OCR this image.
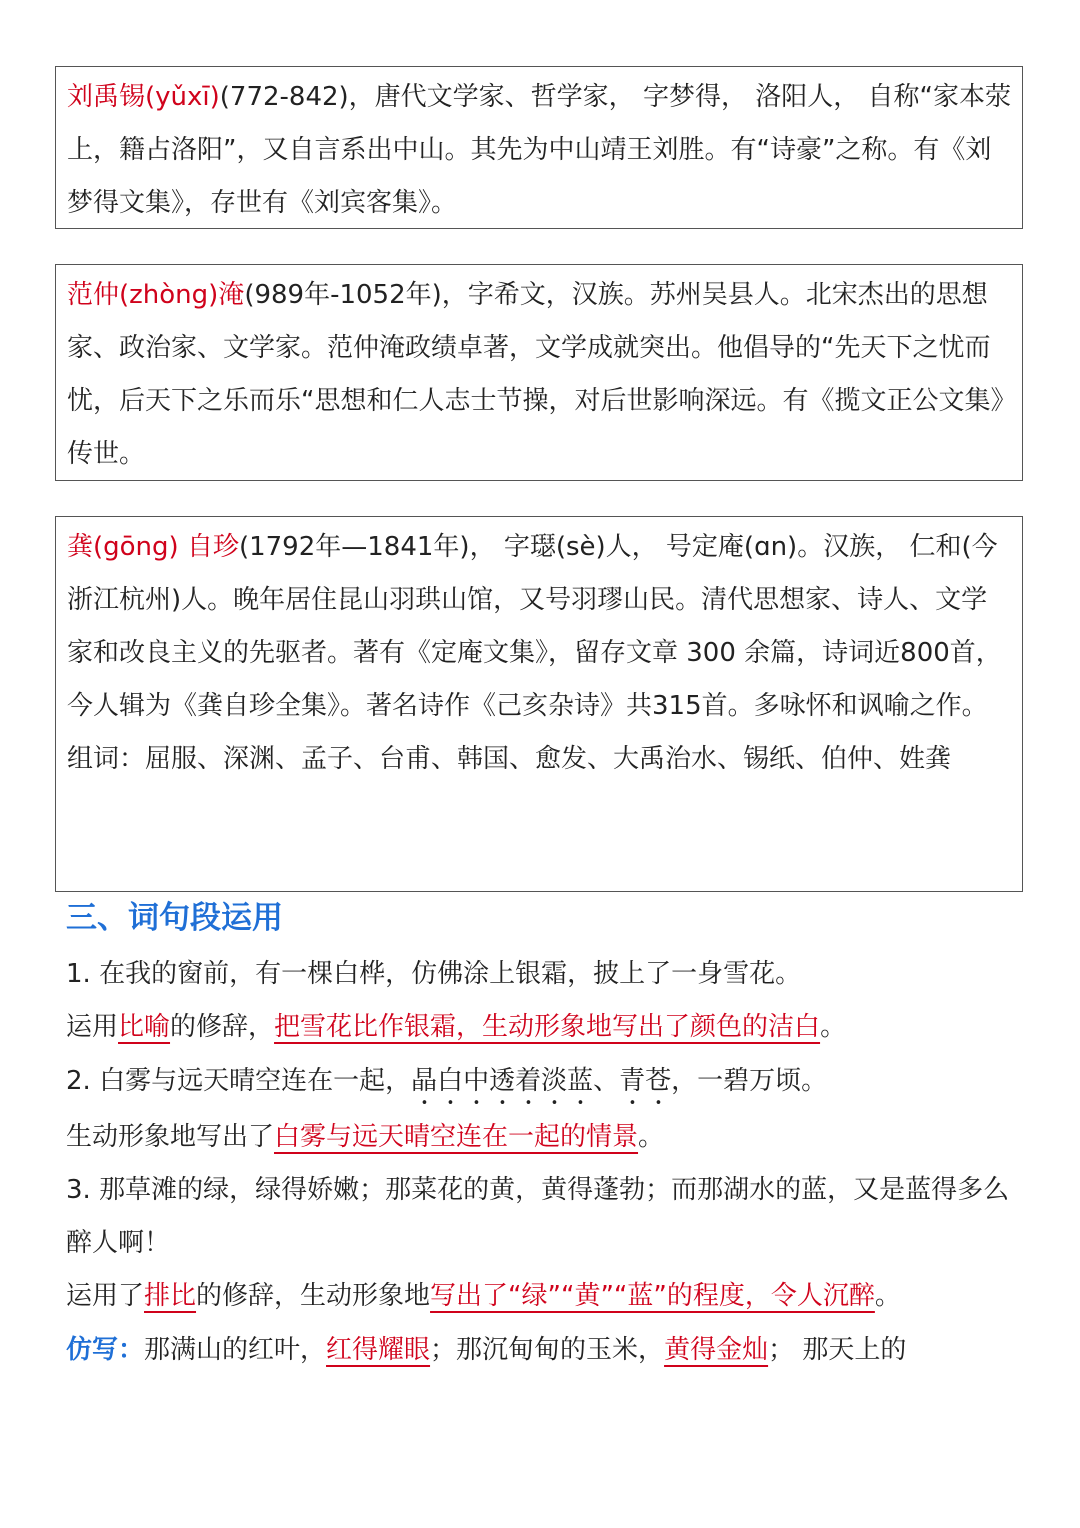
刘禹锡(yǔxī)(772-842)，唐代文学家、哲学家， 字梦得， 洛阳人， 自称“家本荥上，籍占洛阳”，又自言系出中山。其先为中山靖王刘胜。有“诗豪”之称。有《刘梦得文集》，存世有《刘宾客集》。

范仲(zhòng)淹(989年-1052年)，字希文，汉族。苏州吴县人。北宋杰出的思想家、政治家、文学家。范仲淹政绩卓著，文学成就突出。他倡导的“先天下之忧而忧，后天下之乐而乐“思想和仁人志士节操，对后世影响深远。有《揽文正公文集》传世。

龚(gōng) 自珍(1792年—1841年)， 字璱(sè)人， 号定庵(ɑn)。汉族， 仁和(今浙江杭州)人。晚年居住昆山羽珙山馆，又号羽璆山民。清代思想家、诗人、文学家和改良主义的先驱者。著有《定庵文集》，留存文章 300 余篇，诗词近800首，今人辑为《龚自珍全集》。著名诗作《己亥杂诗》共315首。多咏怀和讽喻之作。

组词：屈服、深渊、孟子、台甫、韩国、愈发、大禹治水、锡纸、伯仲、姓龚

三、词句段运用

1. 在我的窗前，有一棵白桦，仿佛涂上银霜，披上了一身雪花。

运用比喻的修辞，把雪花比作银霜，生动形象地写出了颜色的洁白。

2. 白雾与远天晴空连在一起，晶白中透着淡蓝、青苍，一碧万顷。

生动形象地写出了白雾与远天晴空连在一起的情景。

3. 那草滩的绿，绿得娇嫩；那菜花的黄，黄得蓬勃；而那湖水的蓝，又是蓝得多么醉人啊！

运用了排比的修辞，生动形象地写出了“绿”“黄”“蓝”的程度，令人沉醉。

仿写：那满山的红叶，红得耀眼；那沉甸甸的玉米，黄得金灿； 那天上的
